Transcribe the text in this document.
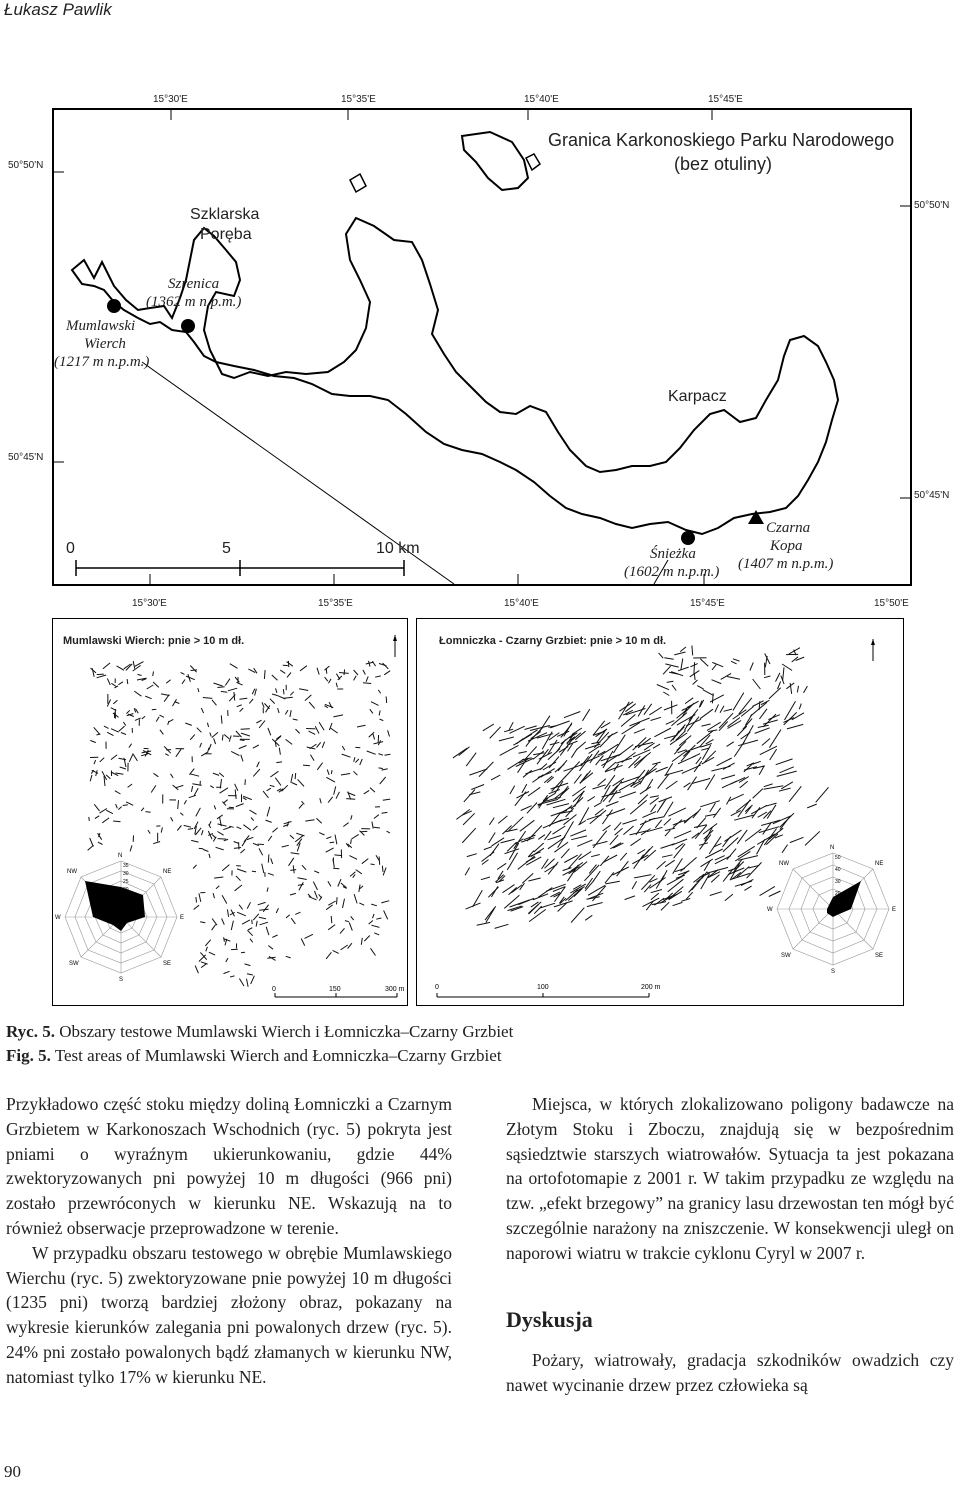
Łukasz Pawlik
15°30'E	15°35'E	15°40'E	15°45'E
15°30'E	15°35'E	15°40'E	15°45'E	15°50'E
50°50'N
50°45'N
50°50'N
50°45'N
Granica Karkonoskiego Parku Narodowego
(bez otuliny)
Szklarska
Poręba
Karpacz
Szrenica
(1362 m n.p.m.)
Mumlawski
Wierch
(1217 m n.p.m.)
Śnieżka
(1602 m n.p.m.)
Czarna
Kopa
(1407 m n.p.m.)
0	5	10 km
Mumlawski Wierch: pnie > 10 m dł.
N
NE
E
SE
S
SW
W
NW
35
30
25
20
15
10
5
0	150	300 m
Łomniczka - Czarny Grzbiet: pnie > 10 m dł.
N
NE
E
SE
S
SW
W
NW
50
40
30
20
10
0	100	200 m
Ryc. 5. Obszary testowe Mumlawski Wierch i Łomniczka–Czarny Grzbiet
Fig. 5. Test areas of Mumlawski Wierch and Łomniczka–Czarny Grzbiet

Przykładowo część stoku między doliną Łomniczki a Czarnym Grzbietem w Karkonoszach Wschodnich (ryc. 5) pokryta jest pniami o wyraźnym ukierunkowaniu, gdzie 44% zwektoryzowanych pni powyżej 10 m długości (966 pni) zostało przewróconych w kierunku NE. Wskazują na to również obserwacje przeprowadzone w terenie.

W przypadku obszaru testowego w obrębie Mumlawskiego Wierchu (ryc. 5) zwektoryzowane pnie powyżej 10 m długości (1235 pni) tworzą bardziej złożony obraz, pokazany na wykresie kierunków zalegania pni powalonych drzew (ryc. 5). 24% pni zostało powalonych bądź złamanych w kierunku NW, natomiast tylko 17% w kierunku NE.

Miejsca, w których zlokalizowano poligony badawcze na Złotym Stoku i Zboczu, znajdują się w bezpośrednim sąsiedztwie starszych wiatrowałów. Sytuacja ta jest pokazana na ortofotomapie z 2001 r. W takim przypadku ze względu na tzw. „efekt brzegowy” na granicy lasu drzewostan ten mógł być szczególnie narażony na zniszczenie. W konsekwencji uległ on naporowi wiatru w trakcie cyklonu Cyryl w 2007 r.

Dyskusja

Pożary, wiatrowały, gradacja szkodników owadzich czy nawet wycinanie drzew przez człowieka są

90
